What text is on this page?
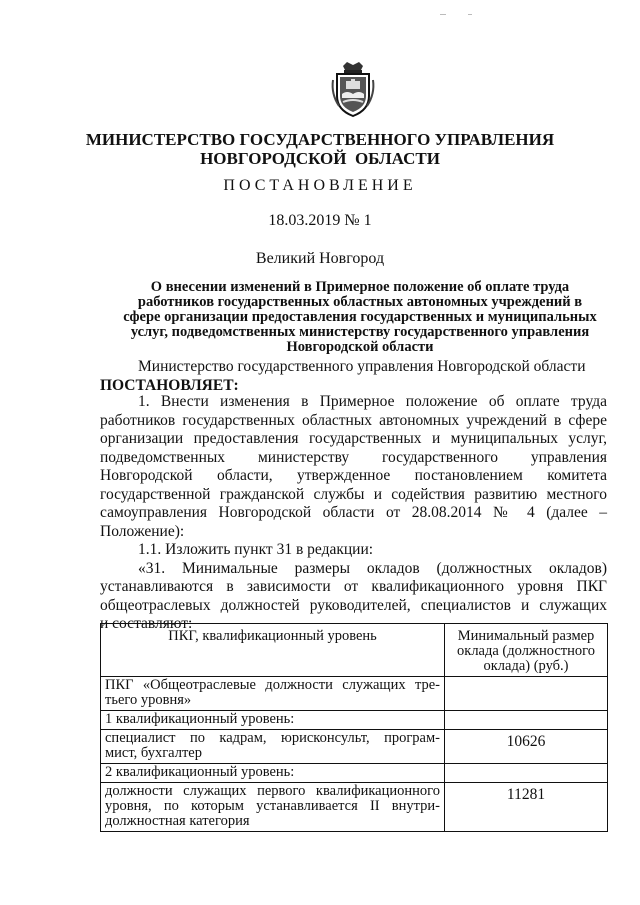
МИНИСТЕРСТВО ГОСУДАРСТВЕННОГО УПРАВЛЕНИЯ
НОВГОРОДСКОЙ  ОБЛАСТИ
ПОСТАНОВЛЕНИЕ
18.03.2019 № 1
Великий Новгород
О внесении изменений в Примерное положение об оплате труда
работников государственных областных автономных учреждений в
сфере организации предоставления государственных и муниципальных
услуг, подведомственных министерству государственного управления
Новгородской области
Министерство государственного управления Новгородской области
ПОСТАНОВЛЯЕТ:
1. Внести изменения в Примерное положение об оплате труда
работников государственных областных автономных учреждений в сфере
организации предоставления государственных и муниципальных услуг,
подведомственных министерству государственного управления
Новгородской области, утвержденное постановлением комитета
государственной гражданской службы и содействия развитию местного
самоуправления Новгородской области от 28.08.2014 № 4 (далее –
Положение):
1.1. Изложить пункт 31 в редакции:
«31. Минимальные размеры окладов (должностных окладов)
устанавливаются в зависимости от квалификационного уровня ПКГ
общеотраслевых должностей руководителей, специалистов и служащих
и составляют:
ПКГ, квалификационный уровень	Минимальный размер
оклада (должностного
оклада) (руб.)

ПКГ «Общеотраслевые должности служащих тре-
тьего уровня»	

1 квалификационный уровень:	

специалист по кадрам, юрисконсульт, програм-
мист, бухгалтер	10626
2 квалификационный уровень:	

должности служащих первого квалификационного
уровня, по которым устанавливается II внутри-
должностная категория	11281
